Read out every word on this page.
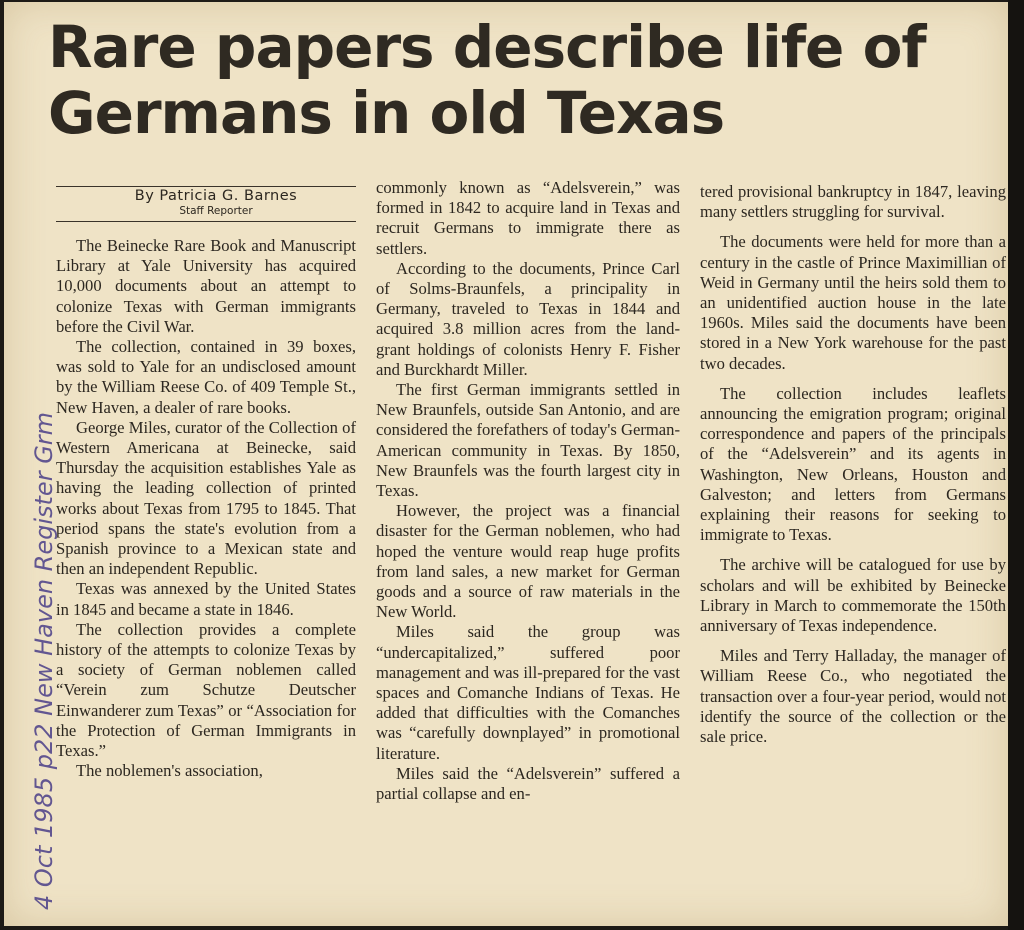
Rare papers describe life of Germans in old Texas

By Patricia G. Barnes

Staff Reporter

The Beinecke Rare Book and Manuscript Library at Yale University has acquired 10,000 documents about an attempt to colonize Texas with German immigrants before the Civil War.

The collection, contained in 39 boxes, was sold to Yale for an undisclosed amount by the William Reese Co. of 409 Temple St., New Haven, a dealer of rare books.

George Miles, curator of the Collection of Western Americana at Beinecke, said Thursday the acquisition establishes Yale as having the leading collection of printed works about Texas from 1795 to 1845. That period spans the state's evolution from a Spanish province to a Mexican state and then an independent Republic.

Texas was annexed by the United States in 1845 and became a state in 1846.

The collection provides a complete history of the attempts to colonize Texas by a society of German noblemen called “Verein zum Schutze Deutscher Einwanderer zum Texas” or “Association for the Protection of German Immigrants in Texas.”

The noblemen's association,

commonly known as “Adelsverein,” was formed in 1842 to acquire land in Texas and recruit Germans to immigrate there as settlers.

According to the documents, Prince Carl of Solms-Braunfels, a principality in Germany, traveled to Texas in 1844 and acquired 3.8 million acres from the land-grant holdings of colonists Henry F. Fisher and Burckhardt Miller.

The first German immigrants settled in New Braunfels, outside San Antonio, and are considered the forefathers of today's German-American community in Texas. By 1850, New Braunfels was the fourth largest city in Texas.

However, the project was a financial disaster for the German noblemen, who had hoped the venture would reap huge profits from land sales, a new market for German goods and a source of raw materials in the New World.

Miles said the group was “undercapitalized,” suffered poor management and was ill-prepared for the vast spaces and Comanche Indians of Texas. He added that difficulties with the Comanches was “carefully downplayed” in promotional literature.

Miles said the “Adelsverein” suffered a partial collapse and en-

tered provisional bankruptcy in 1847, leaving many settlers struggling for survival.

The documents were held for more than a century in the castle of Prince Maximillian of Weid in Germany until the heirs sold them to an unidentified auction house in the late 1960s. Miles said the documents have been stored in a New York warehouse for the past two decades.

The collection includes leaflets announcing the emigration program; original correspondence and papers of the principals of the “Adelsverein” and its agents in Washington, New Orleans, Houston and Galveston; and letters from Germans explaining their reasons for seeking to immigrate to Texas.

The archive will be catalogued for use by scholars and will be exhibited by Beinecke Library in March to commemorate the 150th anniversary of Texas independence.

Miles and Terry Halladay, the manager of William Reese Co., who negotiated the transaction over a four-year period, would not identify the source of the collection or the sale price.

4 Oct 1985 p22 New Haven Register Grm
